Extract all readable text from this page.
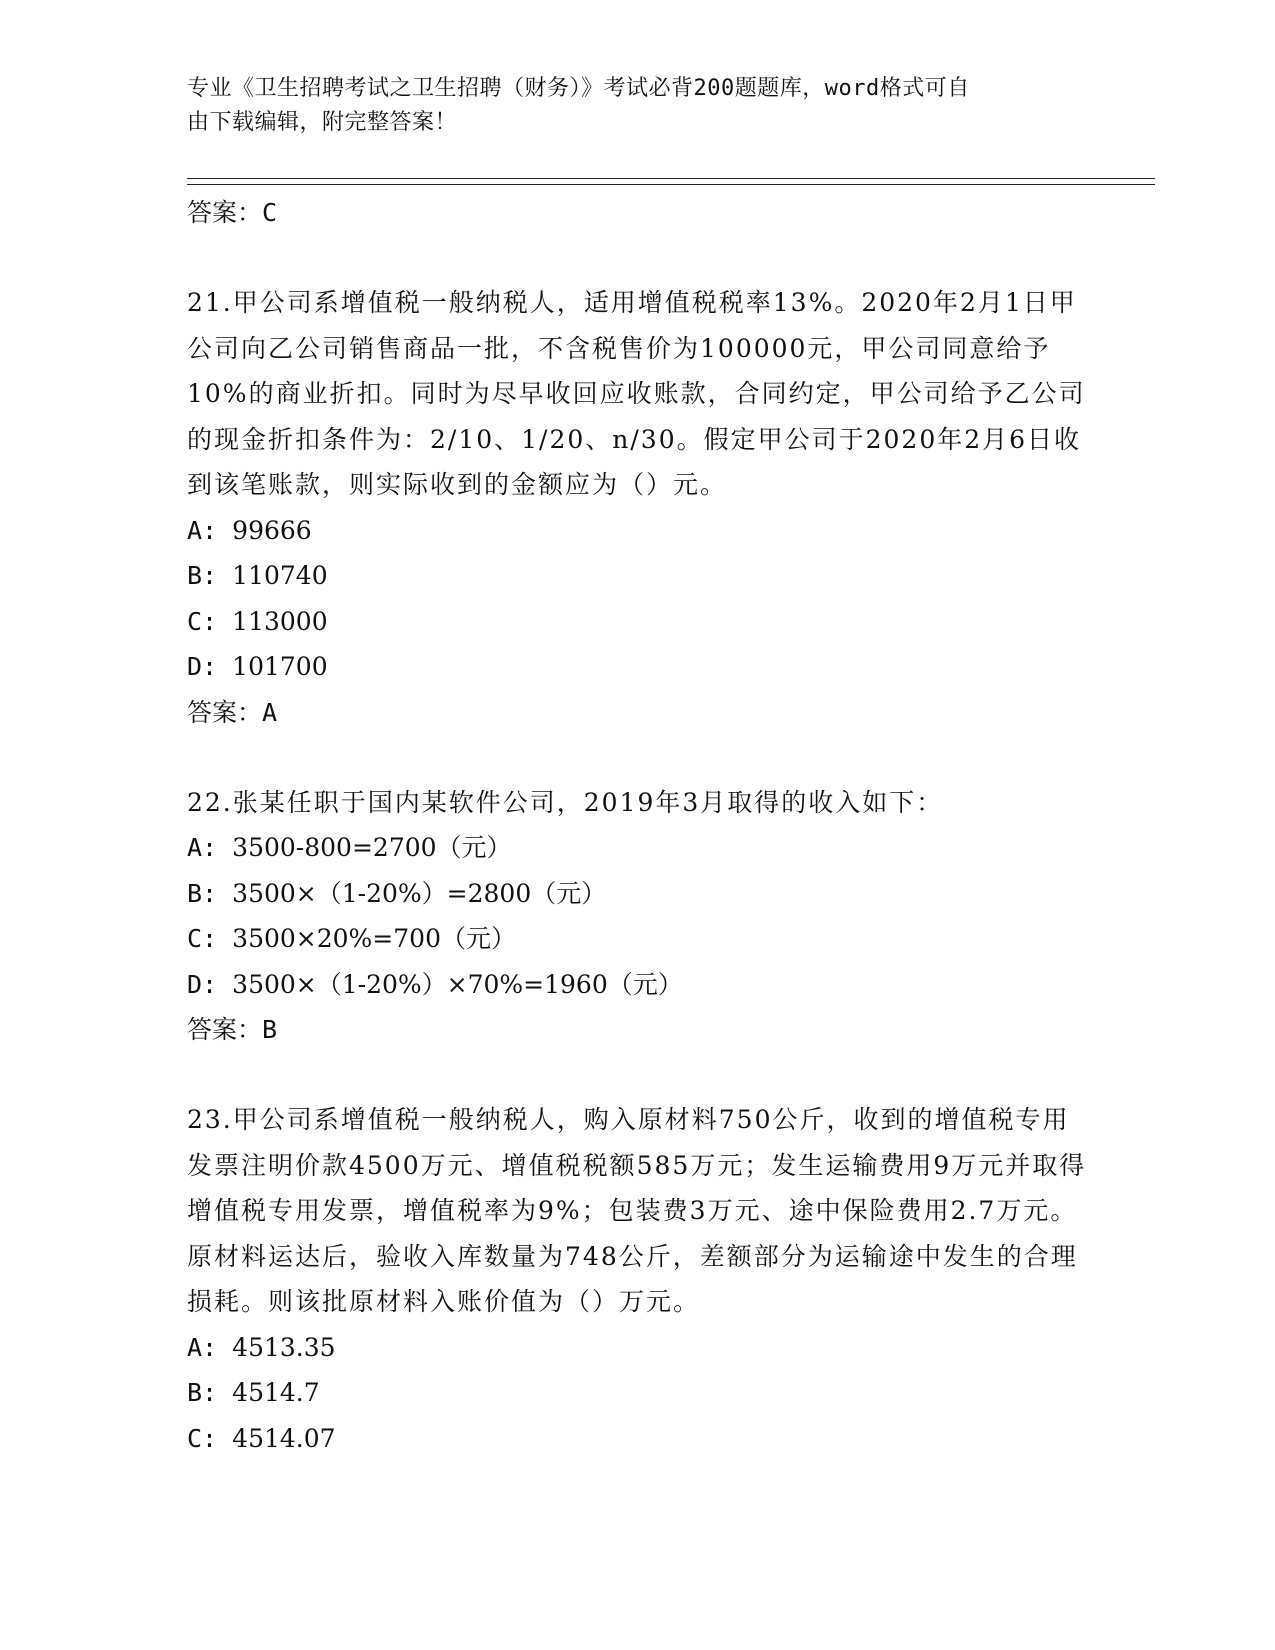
专业《卫生招聘考试之卫生招聘（财务）》考试必背200题题库，word格式可自
由下载编辑，附完整答案！
答案：C
21.甲公司系增值税一般纳税人，适用增值税税率13%。2020年2月1日甲公司向乙公司销售商品一批，不含税售价为100000元，甲公司同意给予10%的商业折扣。同时为尽早收回应收账款，合同约定，甲公司给予乙公司的现金折扣条件为：2/10、1/20、n/30。假定甲公司于2020年2月6日收到该笔账款，则实际收到的金额应为（）元。
A: 99666
B: 110740
C: 113000
D: 101700
答案：A
22.张某任职于国内某软件公司，2019年3月取得的收入如下：
A: 3500-800=2700（元）
B: 3500×（1-20%）=2800（元）
C: 3500×20%=700（元）
D: 3500×（1-20%）×70%=1960（元）
答案：B
23.甲公司系增值税一般纳税人，购入原材料750公斤，收到的增值税专用发票注明价款4500万元、增值税税额585万元；发生运输费用9万元并取得增值税专用发票，增值税率为9%；包装费3万元、途中保险费用2.7万元。原材料运达后，验收入库数量为748公斤，差额部分为运输途中发生的合理损耗。则该批原材料入账价值为（）万元。
A: 4513.35
B: 4514.7
C: 4514.07
